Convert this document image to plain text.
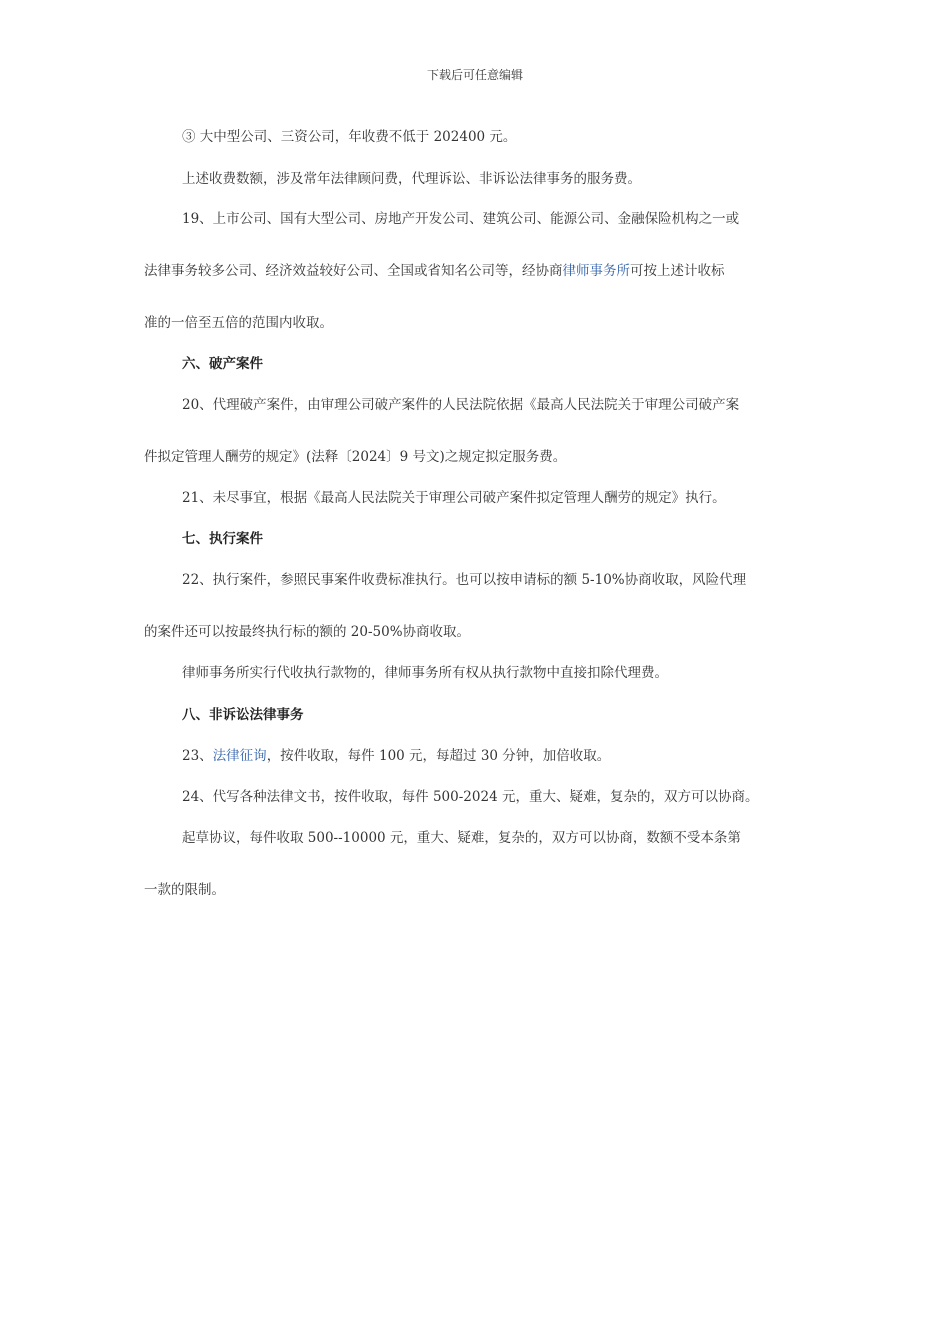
下载后可任意编辑
③ 大中型公司、三资公司，年收费不低于 202400 元。
上述收费数额，涉及常年法律顾问费，代理诉讼、非诉讼法律事务的服务费。
19、上市公司、国有大型公司、房地产开发公司、建筑公司、能源公司、金融保险机构之一或
法律事务较多公司、经济效益较好公司、全国或省知名公司等，经协商律师事务所可按上述计收标
准的一倍至五倍的范围内收取。
六、破产案件
20、代理破产案件，由审理公司破产案件的人民法院依据《最高人民法院关于审理公司破产案
件拟定管理人酬劳的规定》(法释〔2024〕9 号文)之规定拟定服务费。
21、未尽事宜，根据《最高人民法院关于审理公司破产案件拟定管理人酬劳的规定》执行。
七、执行案件
22、执行案件，参照民事案件收费标准执行。也可以按申请标的额 5-10%协商收取，风险代理
的案件还可以按最终执行标的额的 20-50%协商收取。
律师事务所实行代收执行款物的，律师事务所有权从执行款物中直接扣除代理费。
八、非诉讼法律事务
23、法律征询，按件收取，每件 100 元，每超过 30 分钟，加倍收取。
24、代写各种法律文书，按件收取，每件 500-2024 元，重大、疑难，复杂的，双方可以协商。
起草协议，每件收取 500--10000 元，重大、疑难，复杂的，双方可以协商，数额不受本条第
一款的限制。
